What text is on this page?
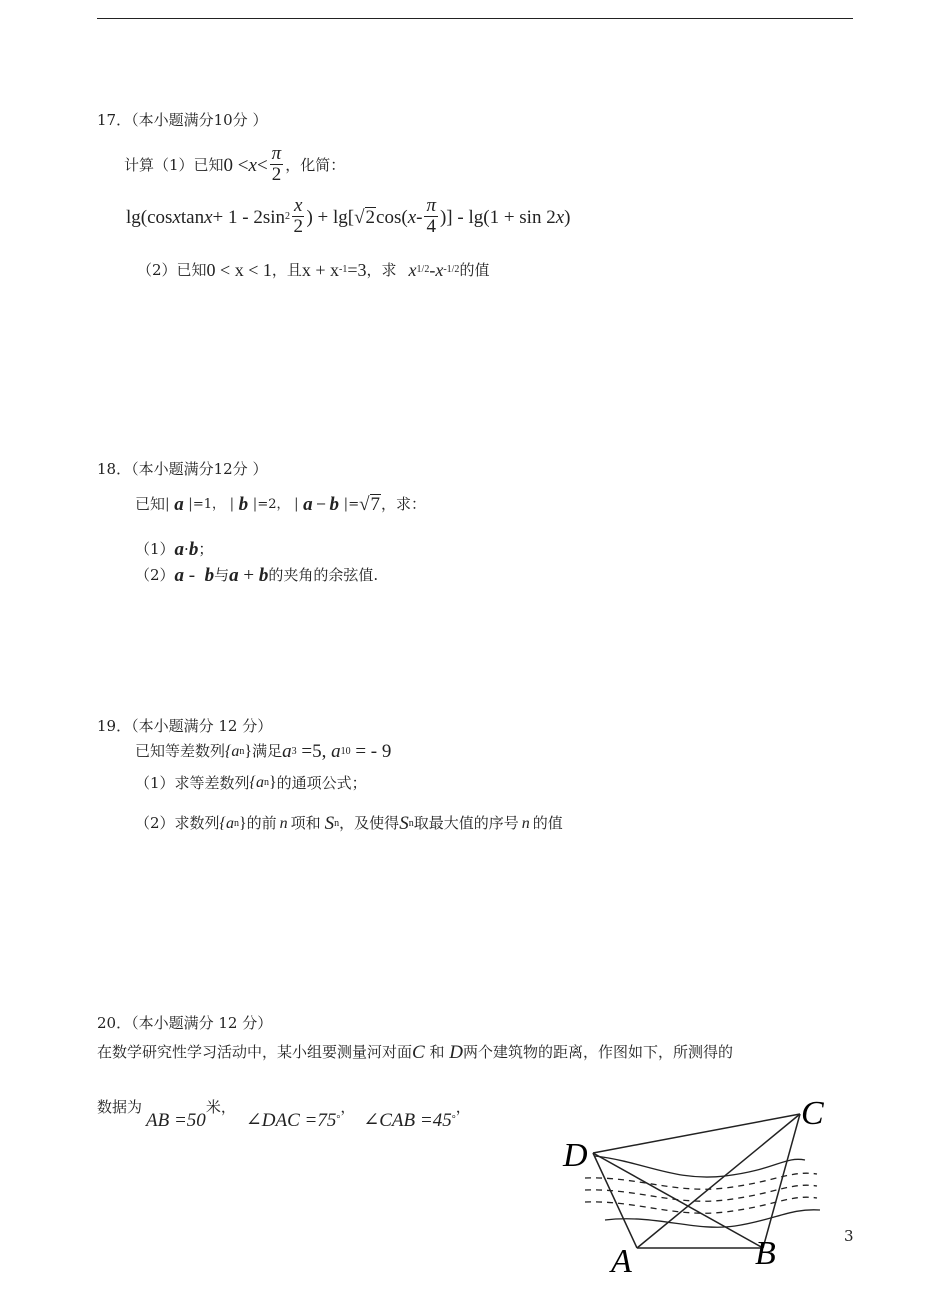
17．（本小题满分10分 ）
计算（1）已知 $0 < x < \frac{\pi}{2}$ ，化简：
lg(cos x tan x + 1 - 2sin $2 \frac{x}{2}$ ) + lg[ √ 2 cos( x - $\frac{\pi}{4}$ )] - lg(1 + sin 2 x )
（2）已知 0 < x < 1 ，且 x + x -1 =3 ，求 x 1/2 - x -1/2 的值
18．（本小题满分12分 ）
已知 | a | =1， | b | =2， | a − b | = √ 7 ，求：
（1） a · b ；
（2） a - b 与 a + b 的夹角的余弦值.
19．（本小题满分 12 分）
已知等差数列 {a n } 满足 a 3 =5, a 10 = - 9
（1）求等差数列 {a n } 的通项公式；
（2）求数列 {a n } 的前 n 项和 S n ，及使得 S n 取最大值的序号 n 的值
20．（本小题满分 12 分）
在数学研究性学习活动中，某小组要测量河对面 C 和 D 两个建筑物的距离，作图如下，所测得的
数据为
AB =50
米，
∠DAC =75 °
，
∠CAB =45 °
，
D
C
A	B	3
